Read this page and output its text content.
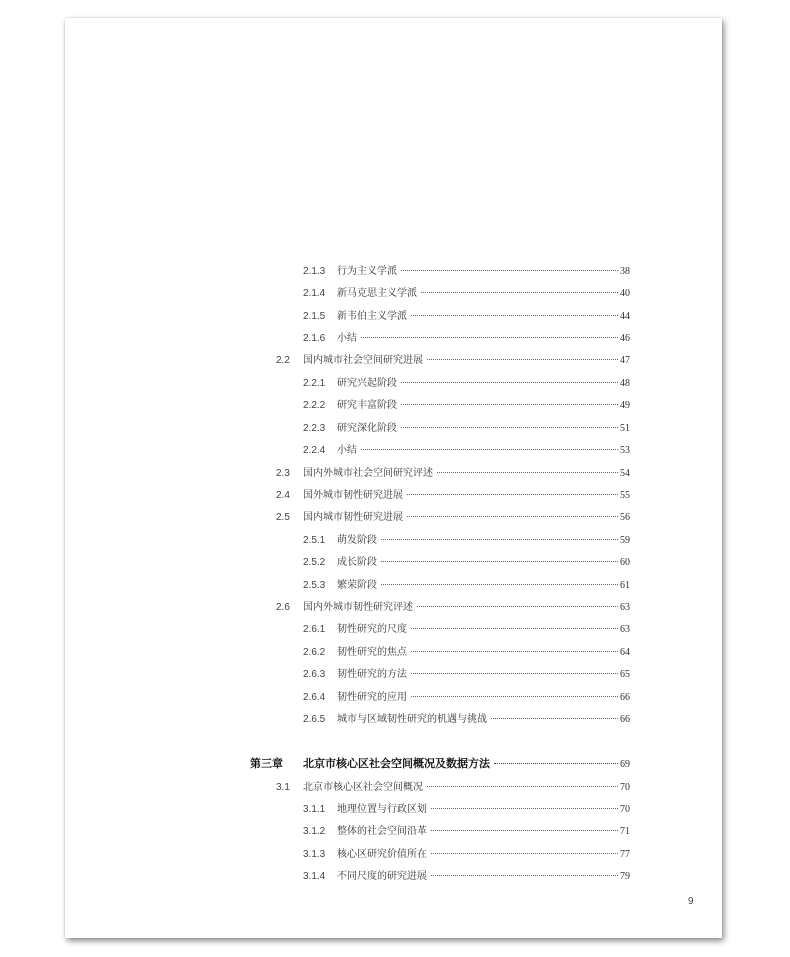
2.1.3	行为主义学派	38
2.1.4	新马克思主义学派	40
2.1.5	新韦伯主义学派	44
2.1.6	小结	46
2.2	国内城市社会空间研究进展	47
2.2.1	研究兴起阶段	48
2.2.2	研究丰富阶段	49
2.2.3	研究深化阶段	51
2.2.4	小结	53
2.3	国内外城市社会空间研究评述	54
2.4	国外城市韧性研究进展	55
2.5	国内城市韧性研究进展	56
2.5.1	萌发阶段	59
2.5.2	成长阶段	60
2.5.3	繁荣阶段	61
2.6	国内外城市韧性研究评述	63
2.6.1	韧性研究的尺度	63
2.6.2	韧性研究的焦点	64
2.6.3	韧性研究的方法	65
2.6.4	韧性研究的应用	66
2.6.5	城市与区域韧性研究的机遇与挑战	66
第三章	北京市核心区社会空间概况及数据方法	69
3.1	北京市核心区社会空间概况	70
3.1.1	地理位置与行政区划	70
3.1.2	整体的社会空间沿革	71
3.1.3	核心区研究价值所在	77
3.1.4	不同尺度的研究进展	79
9
